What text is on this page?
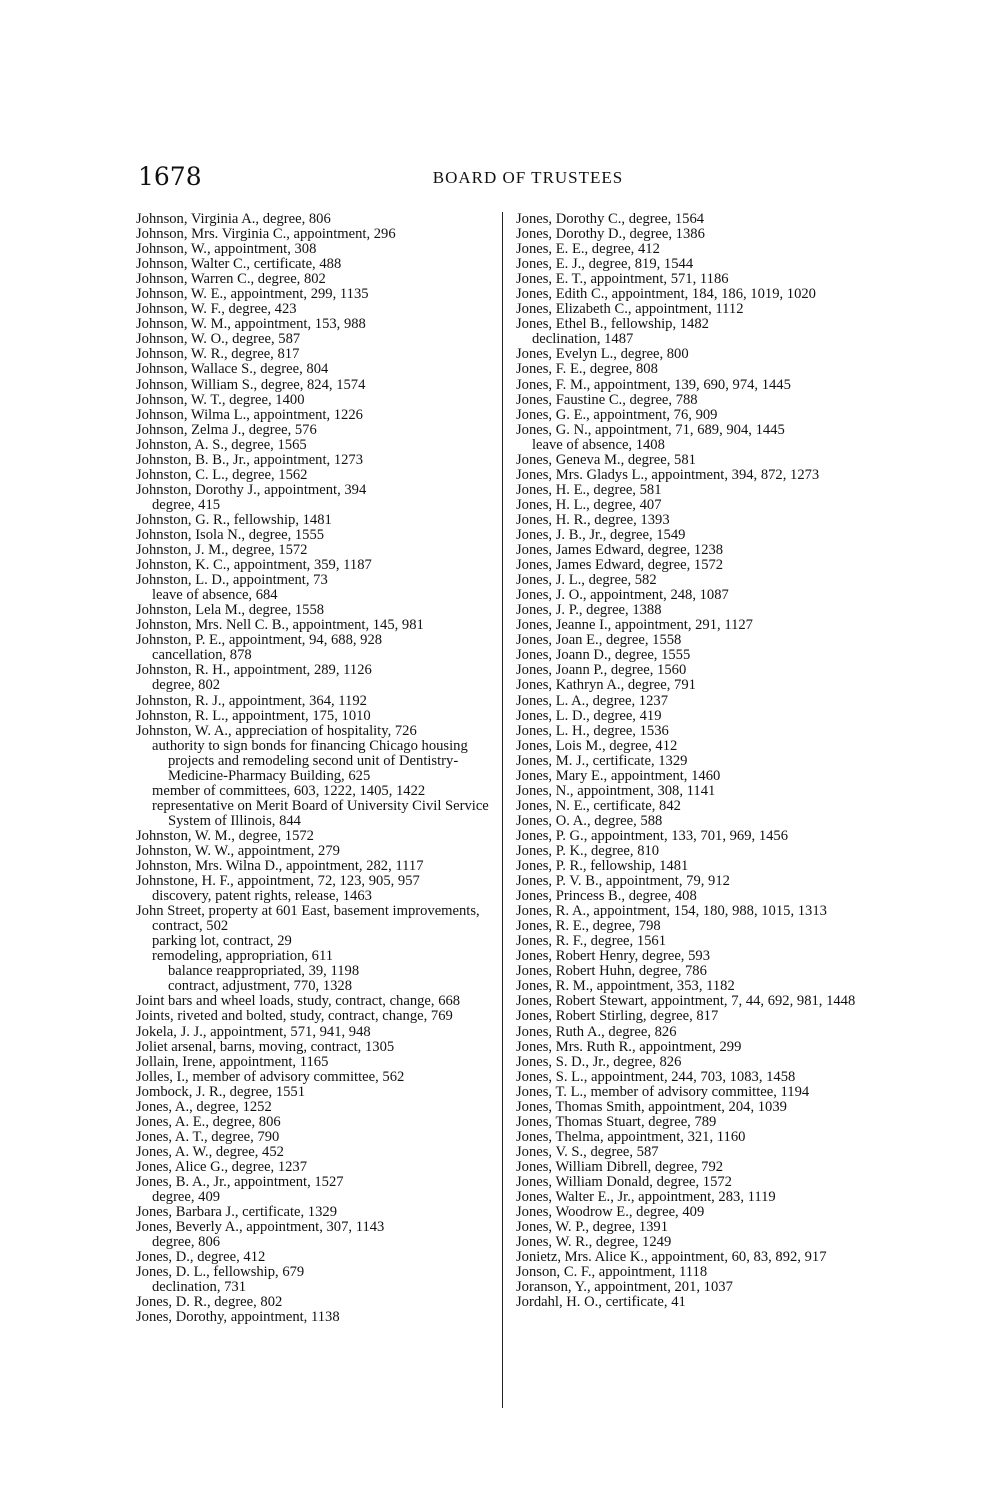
1678	BOARD OF TRUSTEES

Johnson, Virginia A., degree, 806

Johnson, Mrs. Virginia C., appointment, 296

Johnson, W., appointment, 308

Johnson, Walter C., certificate, 488

Johnson, Warren C., degree, 802

Johnson, W. E., appointment, 299, 1135

Johnson, W. F., degree, 423

Johnson, W. M., appointment, 153, 988

Johnson, W. O., degree, 587

Johnson, W. R., degree, 817

Johnson, Wallace S., degree, 804

Johnson, William S., degree, 824, 1574

Johnson, W. T., degree, 1400

Johnson, Wilma L., appointment, 1226

Johnson, Zelma J., degree, 576

Johnston, A. S., degree, 1565

Johnston, B. B., Jr., appointment, 1273

Johnston, C. L., degree, 1562

Johnston, Dorothy J., appointment, 394

degree, 415

Johnston, G. R., fellowship, 1481

Johnston, Isola N., degree, 1555

Johnston, J. M., degree, 1572

Johnston, K. C., appointment, 359, 1187

Johnston, L. D., appointment, 73

leave of absence, 684

Johnston, Lela M., degree, 1558

Johnston, Mrs. Nell C. B., appointment, 145, 981

Johnston, P. E., appointment, 94, 688, 928

cancellation, 878

Johnston, R. H., appointment, 289, 1126

degree, 802

Johnston, R. J., appointment, 364, 1192

Johnston, R. L., appointment, 175, 1010

Johnston, W. A., appreciation of hospitality, 726

authority to sign bonds for financing Chicago housing projects and remodeling second unit of Dentistry-Medicine-Pharmacy Building, 625

member of committees, 603, 1222, 1405, 1422

representative on Merit Board of University Civil Service System of Illinois, 844

Johnston, W. M., degree, 1572

Johnston, W. W., appointment, 279

Johnston, Mrs. Wilna D., appointment, 282, 1117

Johnstone, H. F., appointment, 72, 123, 905, 957

discovery, patent rights, release, 1463

John Street, property at 601 East, basement improvements, contract, 502

parking lot, contract, 29

remodeling, appropriation, 611

balance reappropriated, 39, 1198

contract, adjustment, 770, 1328

Joint bars and wheel loads, study, contract, change, 668

Joints, riveted and bolted, study, contract, change, 769

Jokela, J. J., appointment, 571, 941, 948

Joliet arsenal, barns, moving, contract, 1305

Jollain, Irene, appointment, 1165

Jolles, I., member of advisory committee, 562

Jombock, J. R., degree, 1551

Jones, A., degree, 1252

Jones, A. E., degree, 806

Jones, A. T., degree, 790

Jones, A. W., degree, 452

Jones, Alice G., degree, 1237

Jones, B. A., Jr., appointment, 1527

degree, 409

Jones, Barbara J., certificate, 1329

Jones, Beverly A., appointment, 307, 1143

degree, 806

Jones, D., degree, 412

Jones, D. L., fellowship, 679

declination, 731

Jones, D. R., degree, 802

Jones, Dorothy, appointment, 1138

Jones, Dorothy C., degree, 1564

Jones, Dorothy D., degree, 1386

Jones, E. E., degree, 412

Jones, E. J., degree, 819, 1544

Jones, E. T., appointment, 571, 1186

Jones, Edith C., appointment, 184, 186, 1019, 1020

Jones, Elizabeth C., appointment, 1112

Jones, Ethel B., fellowship, 1482

declination, 1487

Jones, Evelyn L., degree, 800

Jones, F. E., degree, 808

Jones, F. M., appointment, 139, 690, 974, 1445

Jones, Faustine C., degree, 788

Jones, G. E., appointment, 76, 909

Jones, G. N., appointment, 71, 689, 904, 1445

leave of absence, 1408

Jones, Geneva M., degree, 581

Jones, Mrs. Gladys L., appointment, 394, 872, 1273

Jones, H. E., degree, 581

Jones, H. L., degree, 407

Jones, H. R., degree, 1393

Jones, J. B., Jr., degree, 1549

Jones, James Edward, degree, 1238

Jones, James Edward, degree, 1572

Jones, J. L., degree, 582

Jones, J. O., appointment, 248, 1087

Jones, J. P., degree, 1388

Jones, Jeanne I., appointment, 291, 1127

Jones, Joan E., degree, 1558

Jones, Joann D., degree, 1555

Jones, Joann P., degree, 1560

Jones, Kathryn A., degree, 791

Jones, L. A., degree, 1237

Jones, L. D., degree, 419

Jones, L. H., degree, 1536

Jones, Lois M., degree, 412

Jones, M. J., certificate, 1329

Jones, Mary E., appointment, 1460

Jones, N., appointment, 308, 1141

Jones, N. E., certificate, 842

Jones, O. A., degree, 588

Jones, P. G., appointment, 133, 701, 969, 1456

Jones, P. K., degree, 810

Jones, P. R., fellowship, 1481

Jones, P. V. B., appointment, 79, 912

Jones, Princess B., degree, 408

Jones, R. A., appointment, 154, 180, 988, 1015, 1313

Jones, R. E., degree, 798

Jones, R. F., degree, 1561

Jones, Robert Henry, degree, 593

Jones, Robert Huhn, degree, 786

Jones, R. M., appointment, 353, 1182

Jones, Robert Stewart, appointment, 7, 44, 692, 981, 1448

Jones, Robert Stirling, degree, 817

Jones, Ruth A., degree, 826

Jones, Mrs. Ruth R., appointment, 299

Jones, S. D., Jr., degree, 826

Jones, S. L., appointment, 244, 703, 1083, 1458

Jones, T. L., member of advisory committee, 1194

Jones, Thomas Smith, appointment, 204, 1039

Jones, Thomas Stuart, degree, 789

Jones, Thelma, appointment, 321, 1160

Jones, V. S., degree, 587

Jones, William Dibrell, degree, 792

Jones, William Donald, degree, 1572

Jones, Walter E., Jr., appointment, 283, 1119

Jones, Woodrow E., degree, 409

Jones, W. P., degree, 1391

Jones, W. R., degree, 1249

Jonietz, Mrs. Alice K., appointment, 60, 83, 892, 917

Jonson, C. F., appointment, 1118

Joranson, Y., appointment, 201, 1037

Jordahl, H. O., certificate, 41
